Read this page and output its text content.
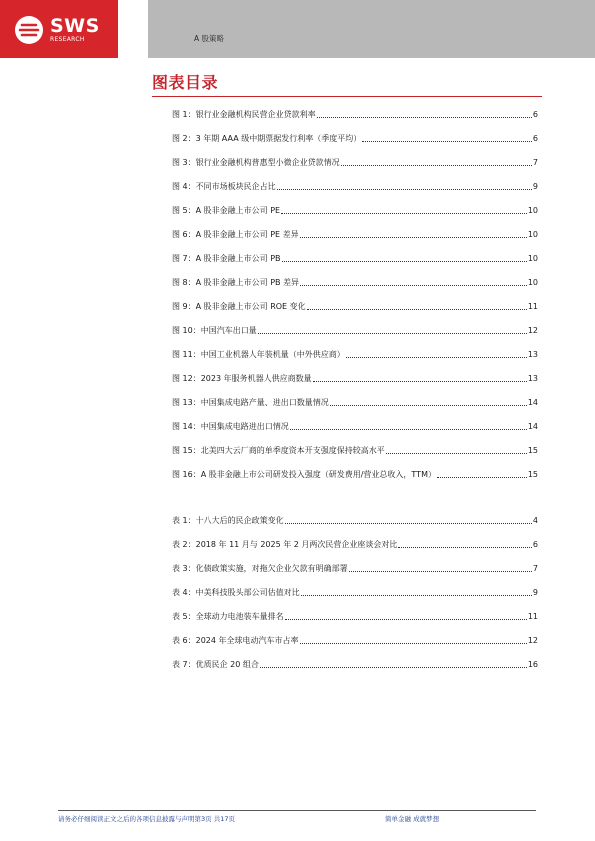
SWS
RESEARCH	A 股策略
图表目录
图 1：银行业金融机构民营企业贷款利率	6
图 2：3 年期 AAA 级中期票据发行利率（季度平均）	6
图 3：银行业金融机构普惠型小微企业贷款情况	7
图 4：不同市场板块民企占比	9
图 5：A 股非金融上市公司 PE	10
图 6：A 股非金融上市公司 PE 差异	10
图 7：A 股非金融上市公司 PB	10
图 8：A 股非金融上市公司 PB 差异	10
图 9：A 股非金融上市公司 ROE 变化	11
图 10：中国汽车出口量	12
图 11：中国工业机器人年装机量（中外供应商）	13
图 12：2023 年服务机器人供应商数量	13
图 13：中国集成电路产量、进出口数量情况	14
图 14：中国集成电路进出口情况	14
图 15：北美四大云厂商的单季度资本开支强度保持较高水平	15
图 16：A 股非金融上市公司研发投入强度（研发费用/营业总收入，TTM）	15
表 1：十八大后的民企政策变化	4
表 2：2018 年 11 月与 2025 年 2 月两次民营企业座谈会对比	6
表 3：化债政策实施，对拖欠企业欠款有明确部署	7
表 4：中美科技股头部公司估值对比	9
表 5：全球动力电池装车量排名	11
表 6：2024 年全球电动汽车市占率	12
表 7：优质民企 20 组合	16
请务必仔细阅读正文之后的各项信息披露与声明第3页 共17页	简单金融 成就梦想
